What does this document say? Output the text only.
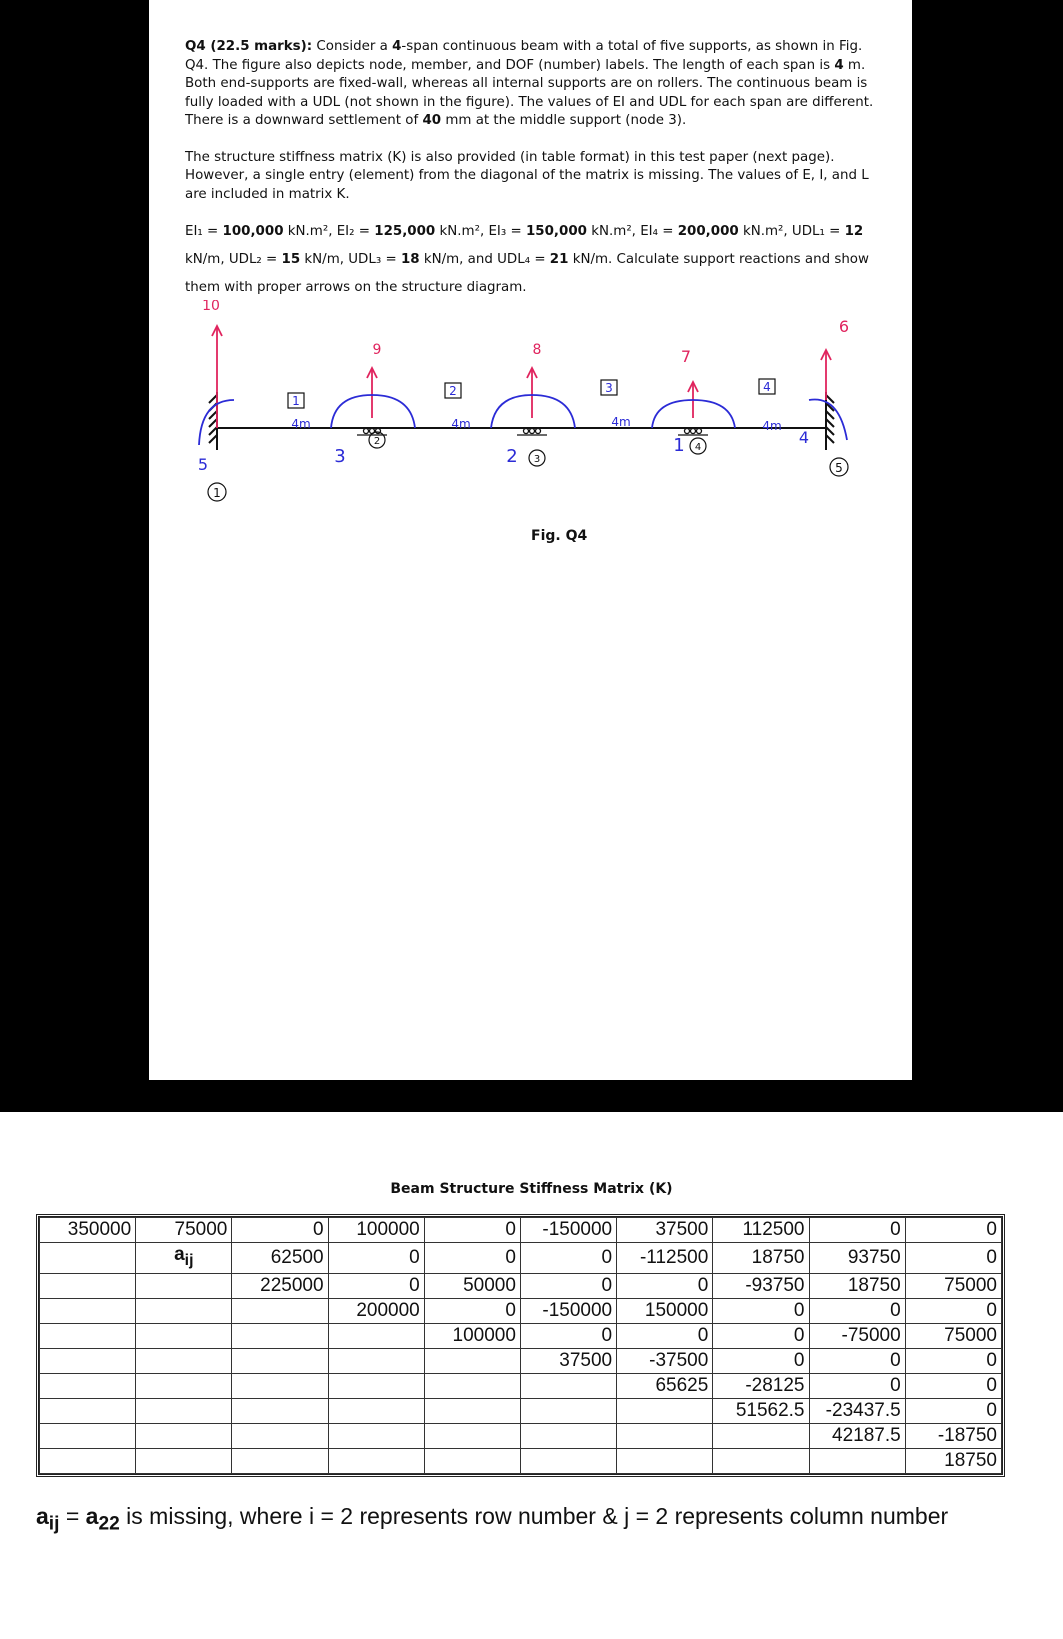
Q4 (22.5 marks): Consider a 4-span continuous beam with a total of five supports, as shown in Fig. Q4. The figure also depicts node, member, and DOF (number) labels. The length of each span is 4 m. Both end-supports are fixed-wall, whereas all internal supports are on rollers. The continuous beam is fully loaded with a UDL (not shown in the figure). The values of EI and UDL for each span are different. There is a downward settlement of 40 mm at the middle support (node 3).

The structure stiffness matrix (K) is also provided (in table format) in this test paper (next page). However, a single entry (element) from the diagonal of the matrix is missing. The values of E, I, and L are included in matrix K.

EI₁ = 100,000 kN.m², EI₂ = 125,000 kN.m², EI₃ = 150,000 kN.m², EI₄ = 200,000 kN.m², UDL₁ = 12 kN/m, UDL₂ = 15 kN/m, UDL₃ = 18 kN/m, and UDL₄ = 21 kN/m. Calculate support reactions and show them with proper arrows on the structure diagram.

1
2	3	4
4m	4m	4m	4m
1
2
3
4
5
10
9	8	7
6
5	3	2
1	4
Fig. Q4
Beam Structure Stiffness Matrix (K)
350000	75000	0	100000	0	-150000	37500	112500	0	0
	$a_{ij}$	62500	0	0	0	-112500	18750	93750	0
		225000	0	50000	0	0	-93750	18750	75000
			200000	0	-150000	150000	0	0	0
				100000	0	0	0	-75000	75000
					37500	-37500	0	0	0
						65625	-28125	0	0
							51562.5	-23437.5	0
								42187.5	-18750
									18750
$a_{ij} = a_{22}$ is missing, where i = 2 represents row number & j = 2 represents column number
